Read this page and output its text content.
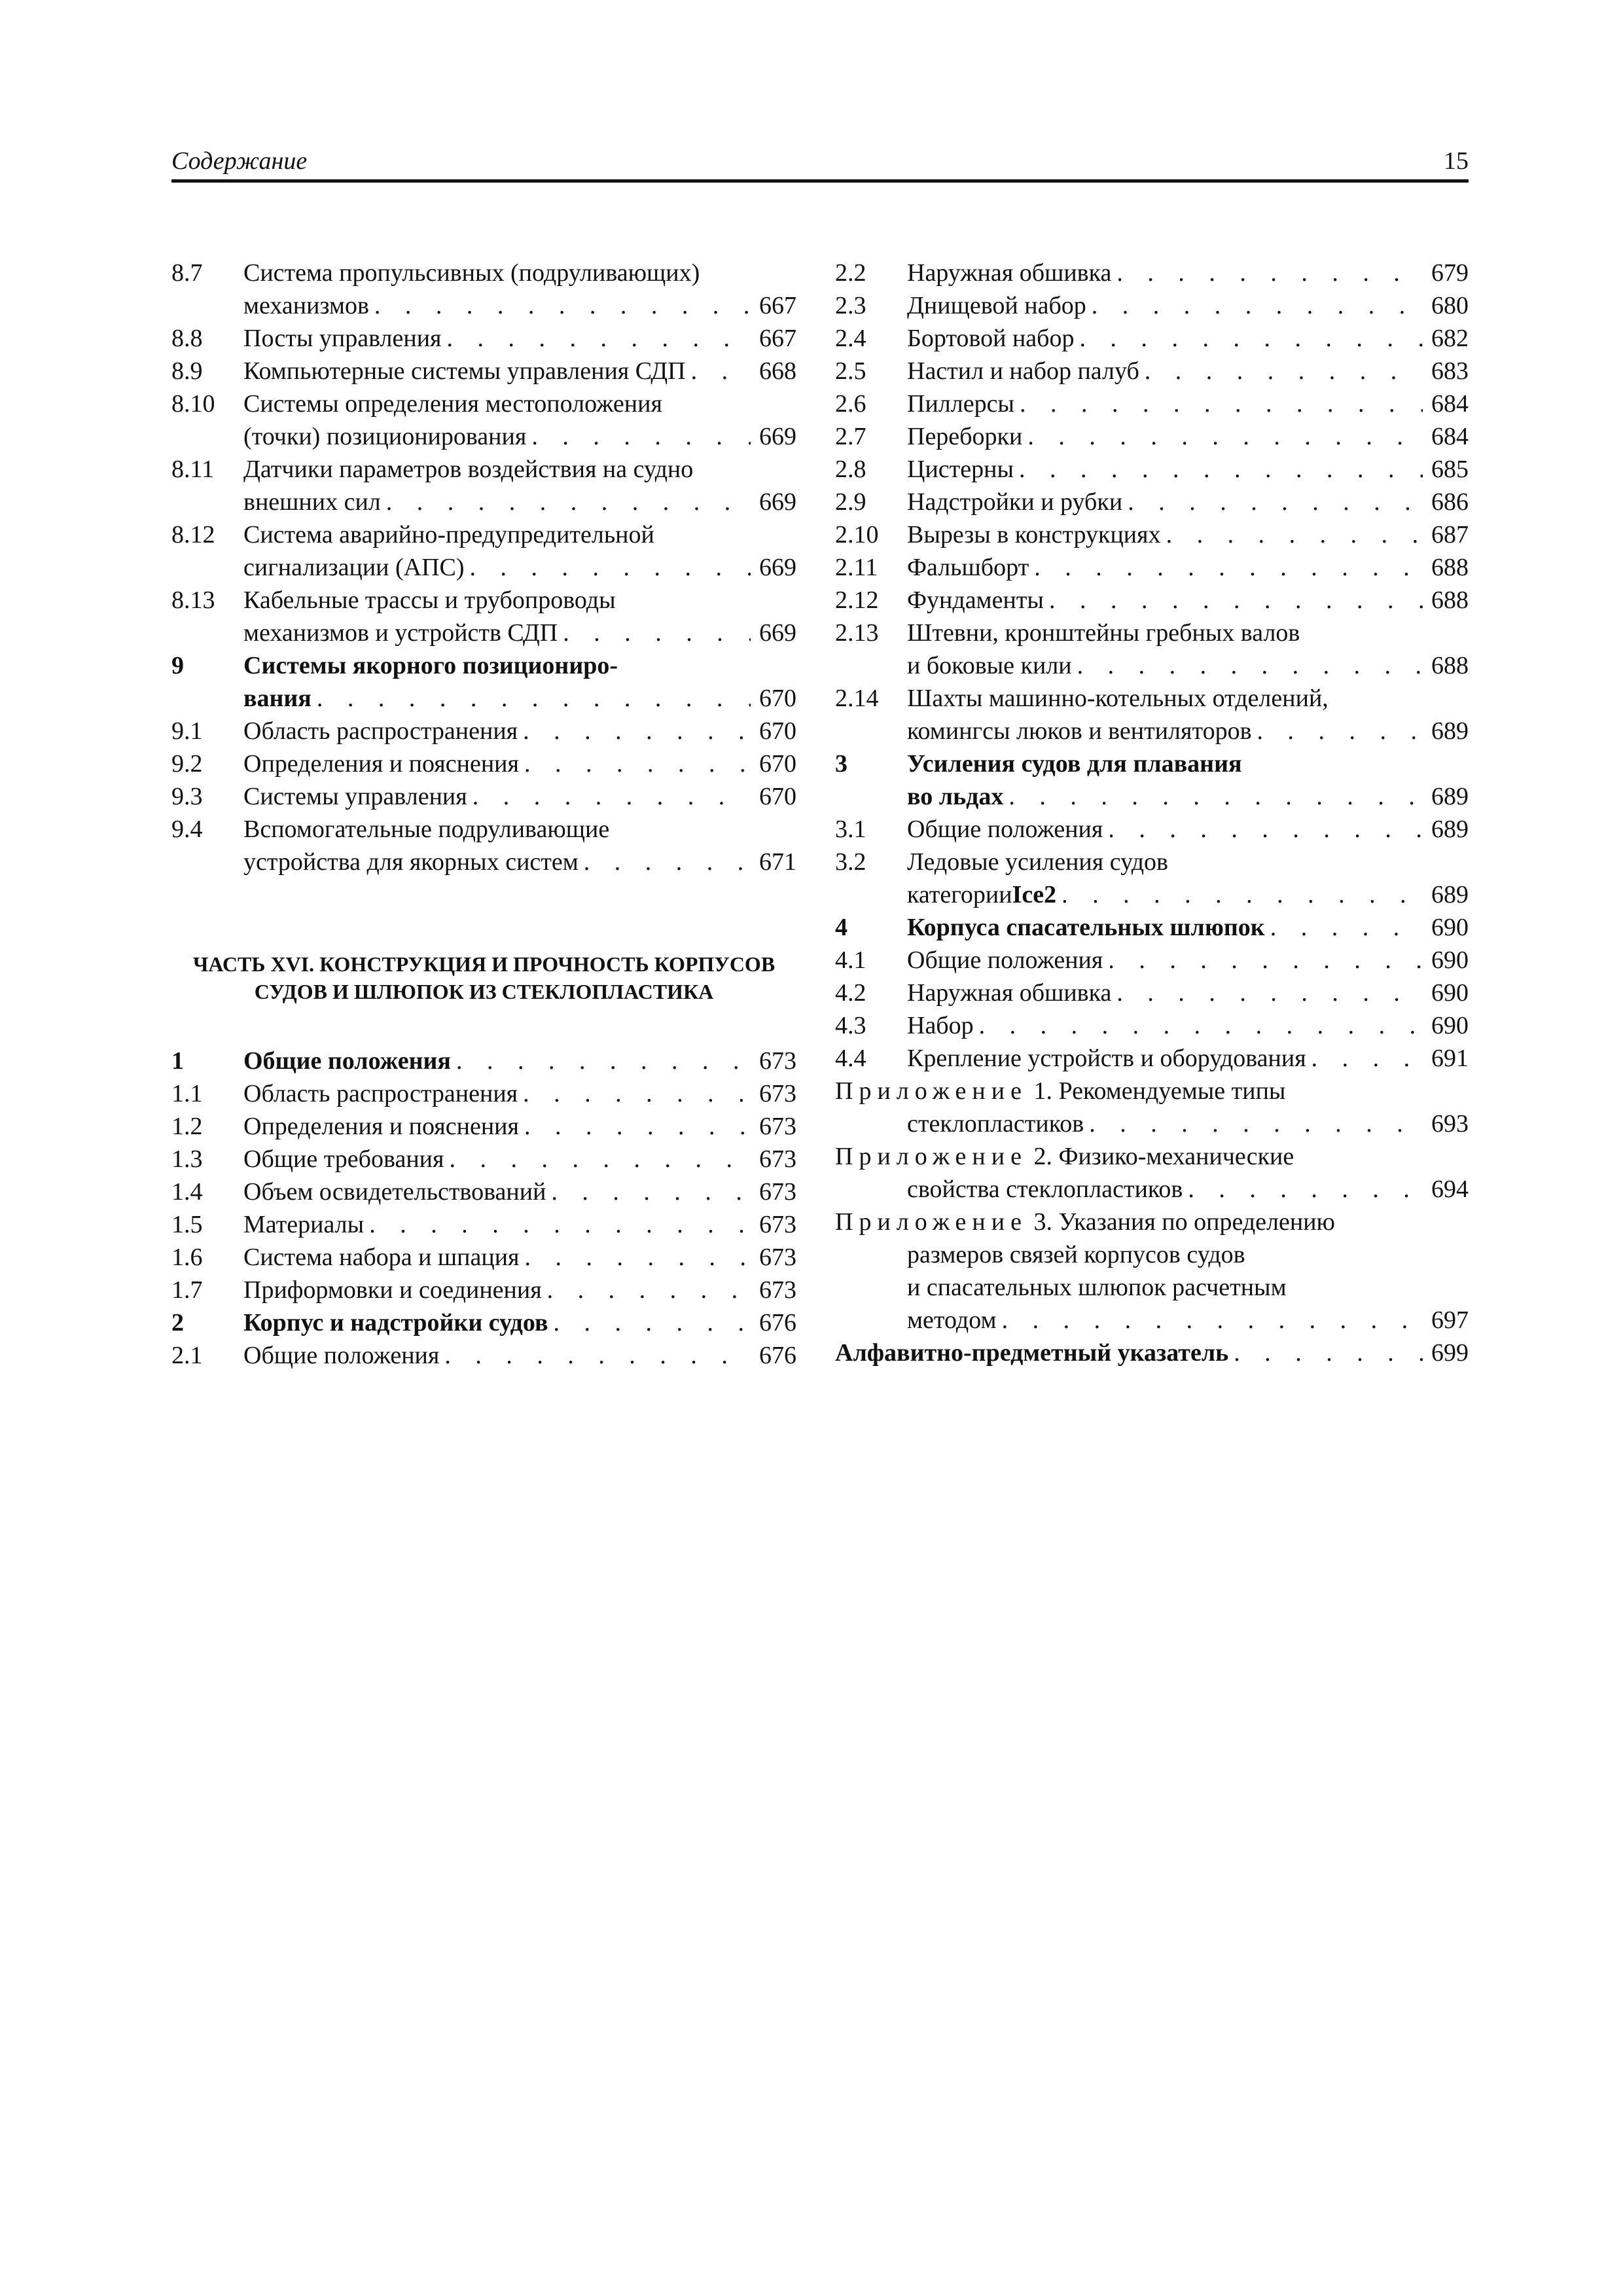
Содержание	15
8.7 Система пропульсивных (подруливающих)
механизмов . . .	667
8.8 Посты управления . . .	667
8.9 Компьютерные системы управления СДП . . .	668
8.10 Системы определения местоположения
(точки) позиционирования . . .	669
8.11 Датчики параметров воздействия на судно
внешних сил . . .	669
8.12 Система аварийно-предупредительной
сигнализации (АПС) . . .	669
8.13 Кабельные трассы и трубопроводы
механизмов и устройств СДП . . .	669
9 Системы якорного позициониро-
вания . . .	670
9.1 Область распространения . . .	670
9.2 Определения и пояснения . . .	670
9.3 Системы управления . . .	670
9.4 Вспомогательные подруливающие
устройства для якорных систем . . .	671
ЧАСТЬ XVI. КОНСТРУКЦИЯ И ПРОЧНОСТЬ КОРПУСОВ
СУДОВ И ШЛЮПОК ИЗ СТЕКЛОПЛАСТИКА
1 Общие положения . . .	673
1.1 Область распространения . . .	673
1.2 Определения и пояснения . . .	673
1.3 Общие требования . . .	673
1.4 Объем освидетельствований . . .	673
1.5 Материалы . . .	673
1.6 Система набора и шпация . . .	673
1.7 Приформовки и соединения . . .	673
2 Корпус и надстройки судов . . .	676
2.1 Общие положения . . .	676
2.2 Наружная обшивка . . .	679
2.3 Днищевой набор . . .	680
2.4 Бортовой набор . . .	682
2.5 Настил и набор палуб . . .	683
2.6 Пиллерсы . . .	684
2.7 Переборки . . .	684
2.8 Цистерны . . .	685
2.9 Надстройки и рубки . . .	686
2.10 Вырезы в конструкциях . . .	687
2.11 Фальшборт . . .	688
2.12 Фундаменты . . .	688
2.13 Штевни, кронштейны гребных валов
и боковые кили . . .	688
2.14 Шахты машинно-котельных отделений,
комингсы люков и вентиляторов . . .	689
3 Усиления судов для плавания
во льдах . . .	689
3.1 Общие положения . . .	689
3.2 Ледовые усиления судов
категории Ice2 . . .	689
4 Корпуса спасательных шлюпок . . .	690
4.1 Общие положения . . .	690
4.2 Наружная обшивка . . .	690
4.3 Набор . . .	690
4.4 Крепление устройств и оборудования . . .	691
Приложение 1. Рекомендуемые типы
стеклопластиков . . .	693
Приложение 2. Физико-механические
свойства стеклопластиков . . .	694
Приложение 3. Указания по определению
размеров связей корпусов судов
и спасательных шлюпок расчетным
методом . . .	697
Алфавитно-предметный указатель . . .	699
